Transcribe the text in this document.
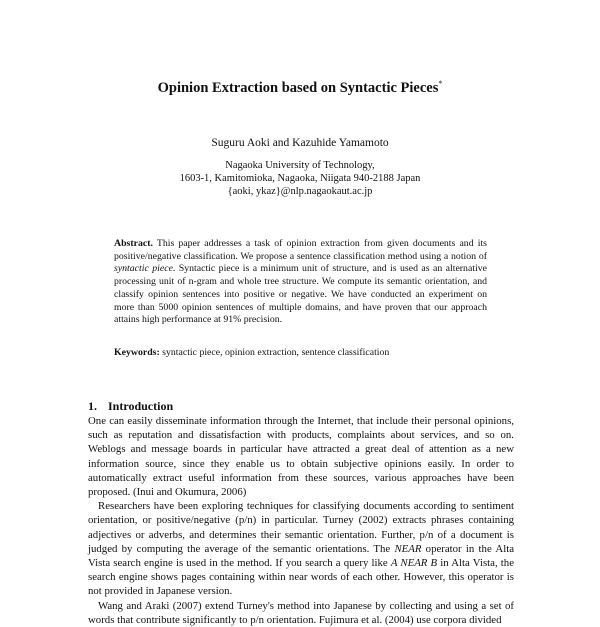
Opinion Extraction based on Syntactic Pieces*
Suguru Aoki and Kazuhide Yamamoto
Nagaoka University of Technology,
1603-1, Kamitomioka, Nagaoka, Niigata 940-2188 Japan
{aoki, ykaz}@nlp.nagaokaut.ac.jp
Abstract. This paper addresses a task of opinion extraction from given documents and its positive/negative classification. We propose a sentence classification method using a notion of syntactic piece. Syntactic piece is a minimum unit of structure, and is used as an alternative processing unit of n-gram and whole tree structure. We compute its semantic orientation, and classify opinion sentences into positive or negative. We have conducted an experiment on more than 5000 opinion sentences of multiple domains, and have proven that our approach attains high performance at 91% precision.
Keywords: syntactic piece, opinion extraction, sentence classification
1. Introduction

One can easily disseminate information through the Internet, that include their personal opinions, such as reputation and dissatisfaction with products, complaints about services, and so on. Weblogs and message boards in particular have attracted a great deal of attention as a new information source, since they enable us to obtain subjective opinions easily. In order to automatically extract useful information from these sources, various approaches have been proposed. (Inui and Okumura, 2006)

Researchers have been exploring techniques for classifying documents according to sentiment orientation, or positive/negative (p/n) in particular. Turney (2002) extracts phrases containing adjectives or adverbs, and determines their semantic orientation. Further, p/n of a document is judged by computing the average of the semantic orientations. The NEAR operator in the Alta Vista search engine is used in the method. If you search a query like A NEAR B in Alta Vista, the search engine shows pages containing within near words of each other. However, this operator is not provided in Japanese version.

Wang and Araki (2007) extend Turney's method into Japanese by collecting and using a set of words that contribute significantly to p/n orientation. Fujimura et al. (2004) use corpora divided
